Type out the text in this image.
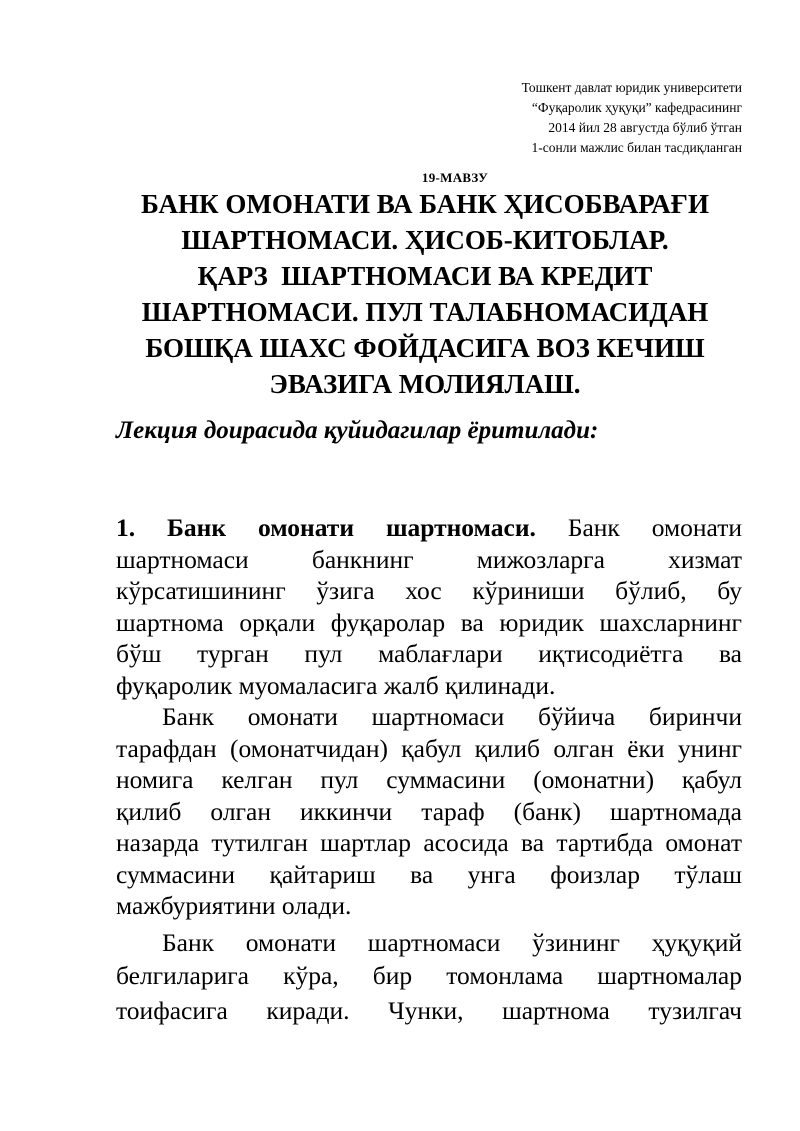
Тошкент давлат юридик университети
“Фуқаролик ҳуқуқи” кафедрасининг
2014 йил 28 августда бўлиб ўтган
1-сонли мажлис билан тасдиқланган
19-МАВЗУ
БАНК ОМОНАТИ ВА БАНК ҲИСОБВАРАҒИ
ШАРТНОМАСИ. ҲИСОБ-КИТОБЛАР.
ҚАРЗ  ШАРТНОМАСИ ВА КРЕДИТ
ШАРТНОМАСИ. ПУЛ ТАЛАБНОМАСИДАН
БОШҚА ШАХС ФОЙДАСИГА ВОЗ КЕЧИШ
ЭВАЗИГА МОЛИЯЛАШ.
Лекция доирасида қуйидагилар ёритилади:
1. Банк омонати шартномаси. Банк омонати
шартномаси банкнинг мижозларга хизмат
кўрсатишининг ўзига хос кўриниши бўлиб, бу
шартнома орқали фуқаролар ва юридик шахсларнинг
бўш турган пул маблағлари иқтисодиётга ва
фуқаролик муомаласига жалб қилинади.
Банк омонати шартномаси бўйича биринчи
тарафдан (омонатчидан) қабул қилиб олган ёки унинг
номига келган пул суммасини (омонатни) қабул
қилиб олган иккинчи тараф (банк) шартномада
назарда тутилган шартлар асосида ва тартибда омонат
суммасини қайтариш ва унга фоизлар тўлаш
мажбуриятини олади.
Банк омонати шартномаси ўзининг ҳуқуқий
белгиларига кўра, бир томонлама шартномалар
тоифасига киради. Чунки, шартнома тузилгач
